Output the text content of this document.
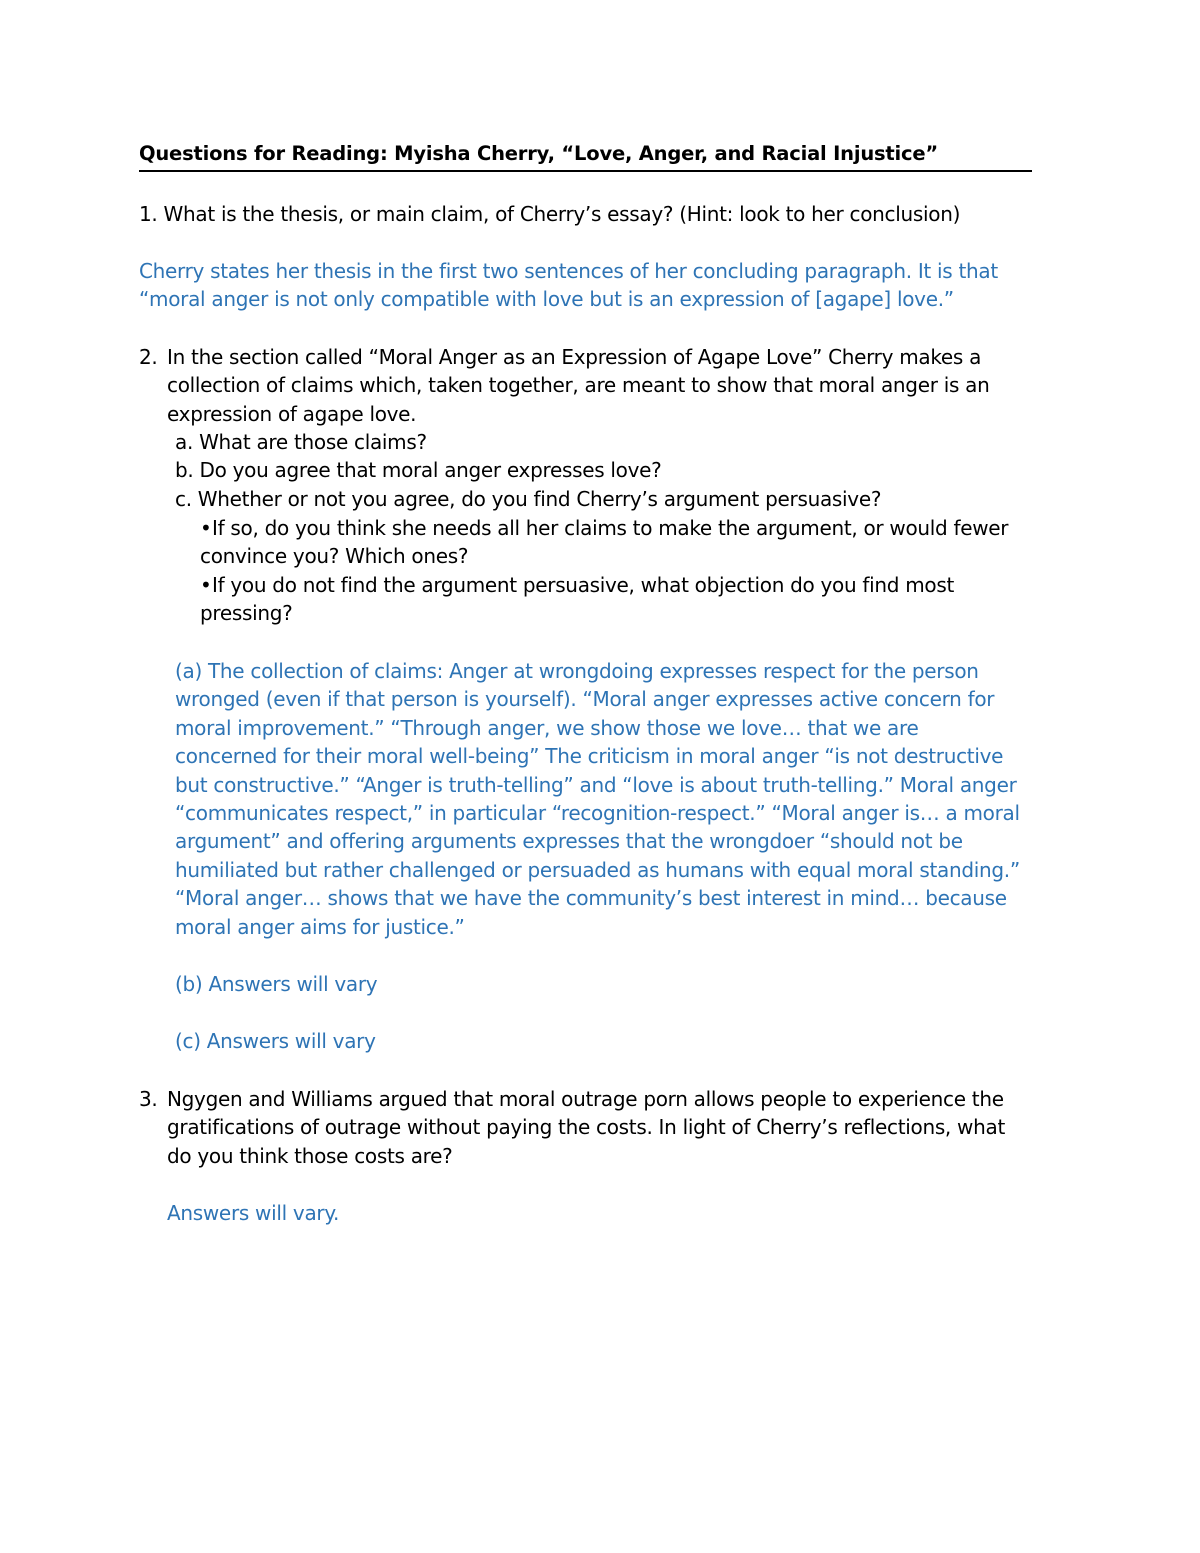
Questions for Reading: Myisha Cherry, “Love, Anger, and Racial Injustice”
1. What is the thesis, or main claim, of Cherry’s essay? (Hint: look to her conclusion)
Cherry states her thesis in the first two sentences of her concluding paragraph. It is that
“moral anger is not only compatible with love but is an expression of [agape] love.”
2. In the section called “Moral Anger as an Expression of Agape Love” Cherry makes a
collection of claims which, taken together, are meant to show that moral anger is an
expression of agape love.
a. What are those claims?
b. Do you agree that moral anger expresses love?
c. Whether or not you agree, do you find Cherry’s argument persuasive?
•If so, do you think she needs all her claims to make the argument, or would fewer
convince you? Which ones?
•If you do not find the argument persuasive, what objection do you find most
pressing?
(a) The collection of claims: Anger at wrongdoing expresses respect for the person
wronged (even if that person is yourself). “Moral anger expresses active concern for
moral improvement.” “Through anger, we show those we love… that we are
concerned for their moral well-being” The criticism in moral anger “is not destructive
but constructive.” “Anger is truth-telling” and “love is about truth-telling.” Moral anger
“communicates respect,” in particular “recognition-respect.” “Moral anger is… a moral
argument” and offering arguments expresses that the wrongdoer “should not be
humiliated but rather challenged or persuaded as humans with equal moral standing.”
“Moral anger… shows that we have the community’s best interest in mind… because
moral anger aims for justice.”
(b) Answers will vary
(c) Answers will vary
3. Ngygen and Williams argued that moral outrage porn allows people to experience the
gratifications of outrage without paying the costs. In light of Cherry’s reflections, what
do you think those costs are?
Answers will vary.
